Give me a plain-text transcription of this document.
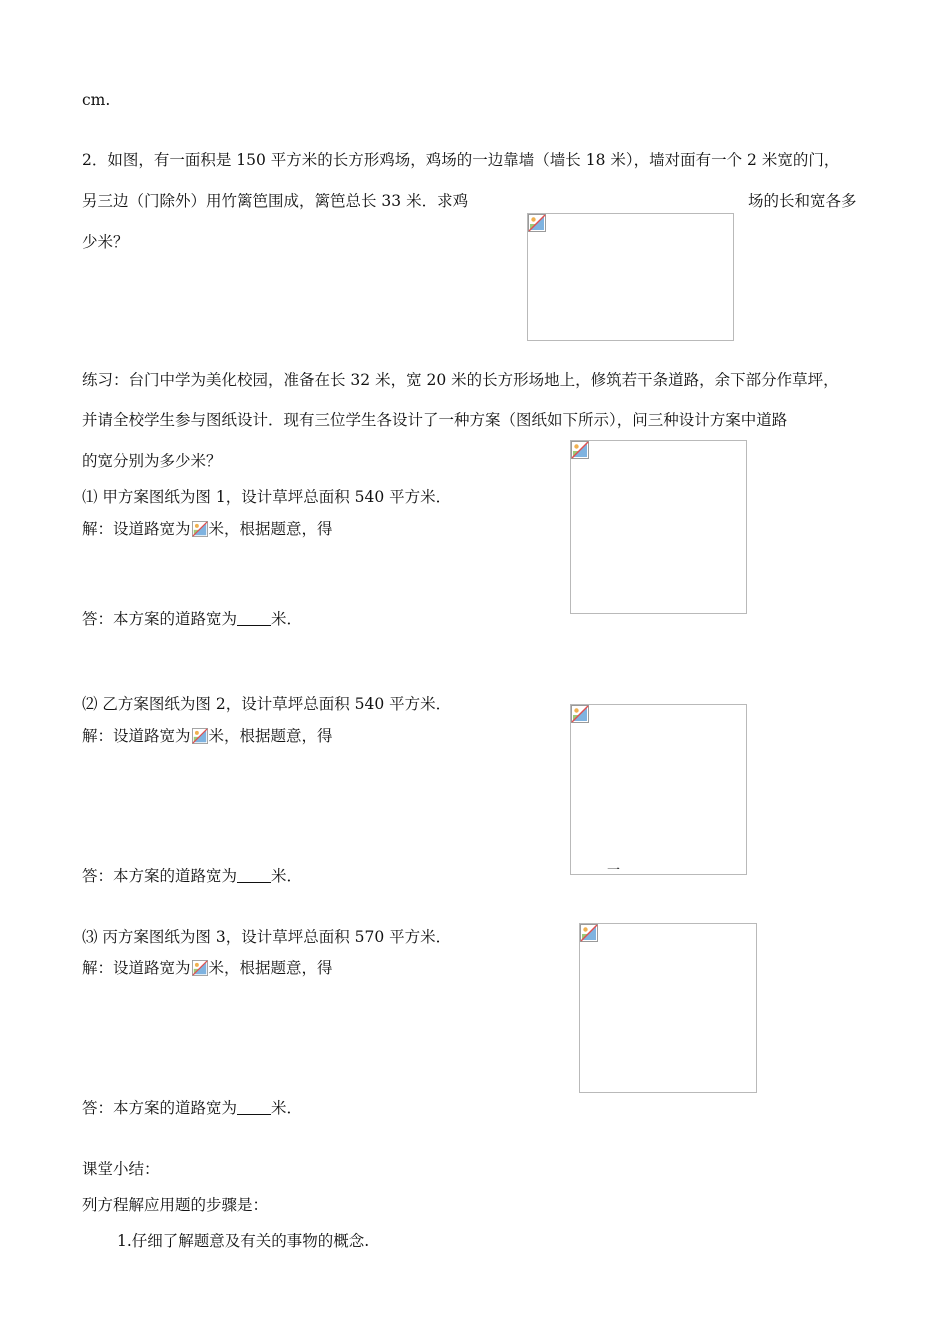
cm.
2．如图，有一面积是 150 平方米的长方形鸡场，鸡场的一边靠墙（墙长 18 米），墙对面有一个 2 米宽的门，
另三边（门除外）用竹篱笆围成，篱笆总长 33 米．求鸡	场的长和宽各多
少米？
练习：台门中学为美化校园，准备在长 32 米，宽 20 米的长方形场地上，修筑若干条道路，余下部分作草坪，
并请全校学生参与图纸设计．现有三位学生各设计了一种方案（图纸如下所示），问三种设计方案中道路
的宽分别为多少米？
⑴ 甲方案图纸为图 1，设计草坪总面积 540 平方米．
解：设道路宽为 米，根据题意，得
答：本方案的道路宽为 米．
一
⑵ 乙方案图纸为图 2，设计草坪总面积 540 平方米．
解：设道路宽为 米，根据题意，得
答：本方案的道路宽为 米．
⑶ 丙方案图纸为图 3，设计草坪总面积 570 平方米．
解：设道路宽为 米，根据题意，得
答：本方案的道路宽为 米．
课堂小结：
列方程解应用题的步骤是：
1.仔细了解题意及有关的事物的概念.
